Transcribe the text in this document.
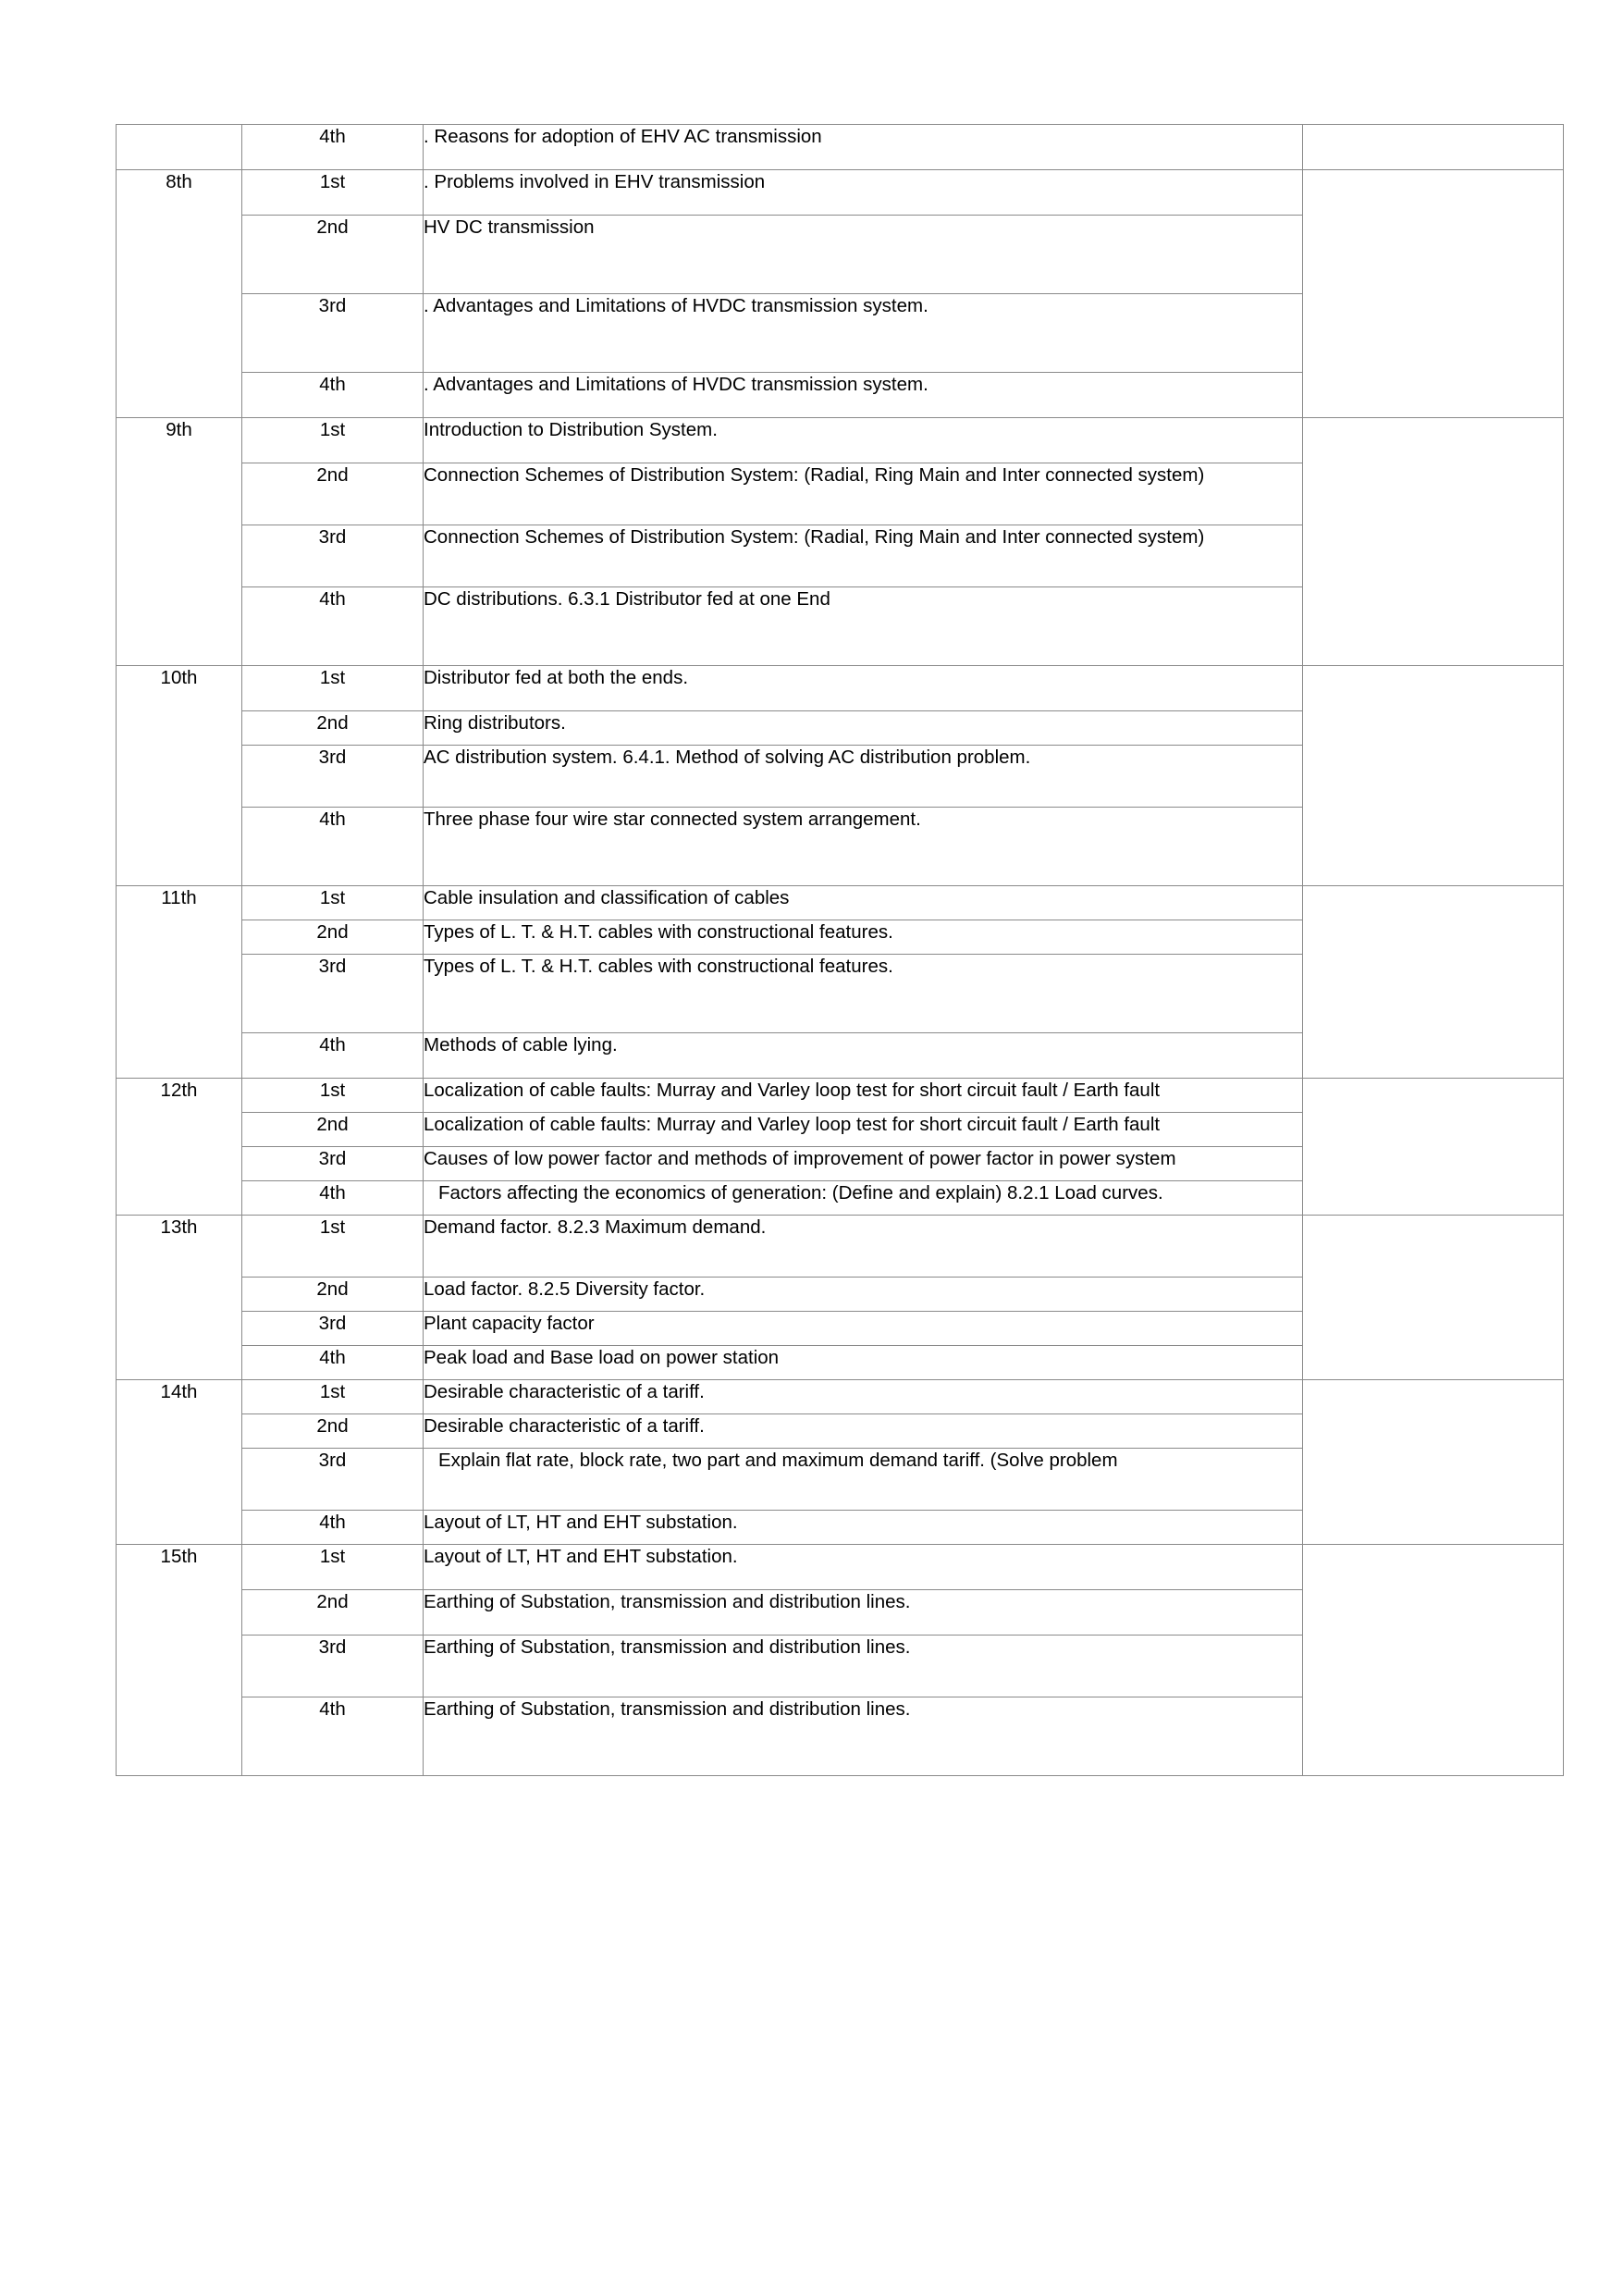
	4th	. Reasons for adoption of EHV AC transmission	
8th	1st	. Problems involved in EHV transmission	
	2nd	HV DC transmission	
	3rd	. Advantages and Limitations of HVDC transmission system.	
	4th	. Advantages and Limitations of HVDC transmission system.	
9th	1st	Introduction to Distribution System.	
	2nd	Connection Schemes of Distribution System: (Radial, Ring Main and Inter connected system)	
	3rd	Connection Schemes of Distribution System: (Radial, Ring Main and Inter connected system)	
	4th	DC distributions. 6.3.1 Distributor fed at one End	
10th	1st	Distributor fed at both the ends.	
	2nd	Ring distributors.	
	3rd	AC distribution system. 6.4.1. Method of solving AC distribution problem.	
	4th	Three phase four wire star connected system arrangement.	
11th	1st	Cable insulation and classification of cables	
	2nd	Types of L. T. & H.T. cables with constructional features.	
	3rd	Types of L. T. & H.T. cables with constructional features.	
	4th	Methods of cable lying.	
12th	1st	Localization of cable faults: Murray and Varley loop test for short circuit fault / Earth fault	
	2nd	Localization of cable faults: Murray and Varley loop test for short circuit fault / Earth fault	
	3rd	Causes of low power factor and methods of improvement of power factor in power system	
	4th	Factors affecting the economics of generation: (Define and explain) 8.2.1 Load curves.	
13th	1st	Demand factor. 8.2.3 Maximum demand.	
	2nd	Load factor. 8.2.5 Diversity factor.	
	3rd	Plant capacity factor	
	4th	Peak load and Base load on power station	
14th	1st	Desirable characteristic of a tariff.	
	2nd	Desirable characteristic of a tariff.	
	3rd	Explain flat rate, block rate, two part and maximum demand tariff. (Solve problem	
	4th	Layout of LT, HT and EHT substation.	
15th	1st	Layout of LT, HT and EHT substation.	
	2nd	Earthing of Substation, transmission and distribution lines.	
	3rd	Earthing of Substation, transmission and distribution lines.	
	4th	Earthing of Substation, transmission and distribution lines.	
